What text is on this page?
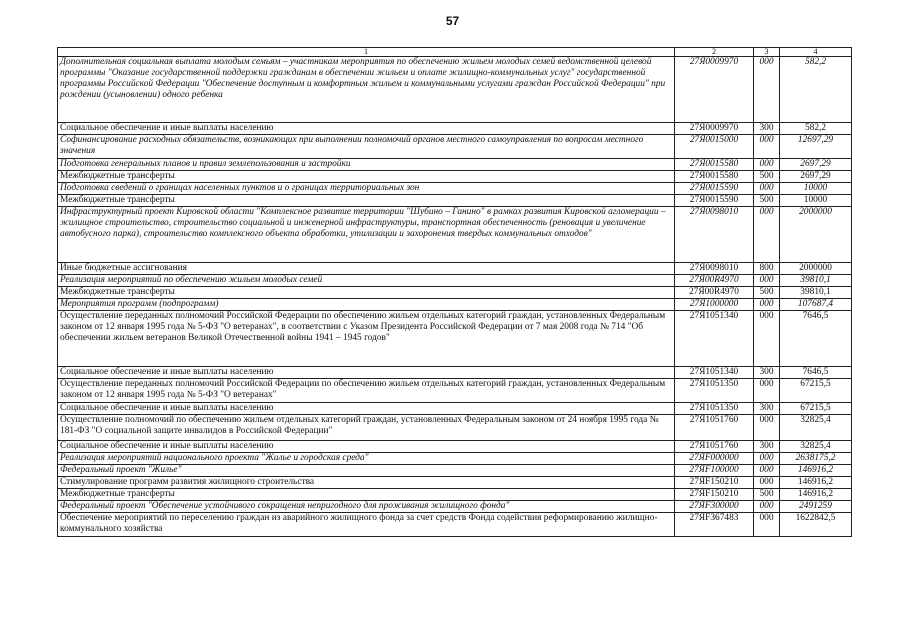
57
1	2	3	4
Дополнительная социальная выплата молодым семьям – участникам мероприятия по обеспечению жильем молодых семей ведомственной целевой программы "Оказание государственной поддержки гражданам в обеспечении жильем и оплате жилищно-коммунальных услуг" государственной программы Российской Федерации "Обеспечение доступным и комфортным жильем и коммунальными услугами граждан Российской Федерации" при рождении (усыновлении) одного ребенка	27Я0009970	000	582,2
Социальное обеспечение и иные выплаты населению	27Я0009970	300	582,2
Софинансирование расходных обязательств, возникающих при выполнении полномочий органов местного самоуправления по вопросам местного значения	27Я0015000	000	12697,29
Подготовка генеральных планов и правил землепользования и застройки	27Я0015580	000	2697,29
Межбюджетные трансферты	27Я0015580	500	2697,29
Подготовка сведений о границах населенных пунктов и о границах территориальных зон	27Я0015590	000	10000
Межбюджетные трансферты	27Я0015590	500	10000
Инфраструктурный проект Кировской области "Комплексное развитие территории "Шубино – Ганино" в рамках развития Кировской агломерации – жилищное строительство, строительство социальной и инженерной инфраструктуры, транспортная обеспеченность (реновация и увеличение автобусного парка), строительство комплексного объекта обработки, утилизации и захоронения твердых коммунальных отходов"	27Я0098010	000	2000000
Иные бюджетные ассигнования	27Я0098010	800	2000000
Реализация мероприятий по обеспечению жильем молодых семей	27Я00R4970	000	39810,1
Межбюджетные трансферты	27Я00R4970	500	39810,1
Мероприятия программ (подпрограмм)	27Я1000000	000	107687,4
Осуществление переданных полномочий Российской Федерации по обеспечению жильем отдельных категорий граждан, установленных Федеральным законом от 12 января 1995 года № 5-ФЗ "О ветеранах", в соответствии с Указом Президента Российской Федерации от 7 мая 2008 года № 714 "Об обеспечении жильем ветеранов Великой Отечественной войны 1941 – 1945 годов"	27Я1051340	000	7646,5
Социальное обеспечение и иные выплаты населению	27Я1051340	300	7646,5
Осуществление переданных полномочий Российской Федерации по обеспечению жильем отдельных категорий граждан, установленных Федеральным законом от 12 января 1995 года № 5-ФЗ "О ветеранах"	27Я1051350	000	67215,5
Социальное обеспечение и иные выплаты населению	27Я1051350	300	67215,5
Осуществление полномочий по обеспечению жильем отдельных категорий граждан, установленных Федеральным законом от 24 ноября 1995 года № 181-ФЗ "О социальной защите инвалидов в Российской Федерации"	27Я1051760	000	32825,4
Социальное обеспечение и иные выплаты населению	27Я1051760	300	32825,4
Реализация мероприятий национального проекта "Жилье и городская среда"	27ЯF000000	000	2638175,2
Федеральный проект "Жилье"	27ЯF100000	000	146916,2
Стимулирование программ развития жилищного строительства	27ЯF150210	000	146916,2
Межбюджетные трансферты	27ЯF150210	500	146916,2
Федеральный проект "Обеспечение устойчивого сокращения непригодного для проживания жилищного фонда"	27ЯF300000	000	2491259
Обеспечение мероприятий по переселению граждан из аварийного жилищного фонда за счет средств Фонда содействия реформированию жилищно-коммунального хозяйства	27ЯF367483	000	1622842,5
